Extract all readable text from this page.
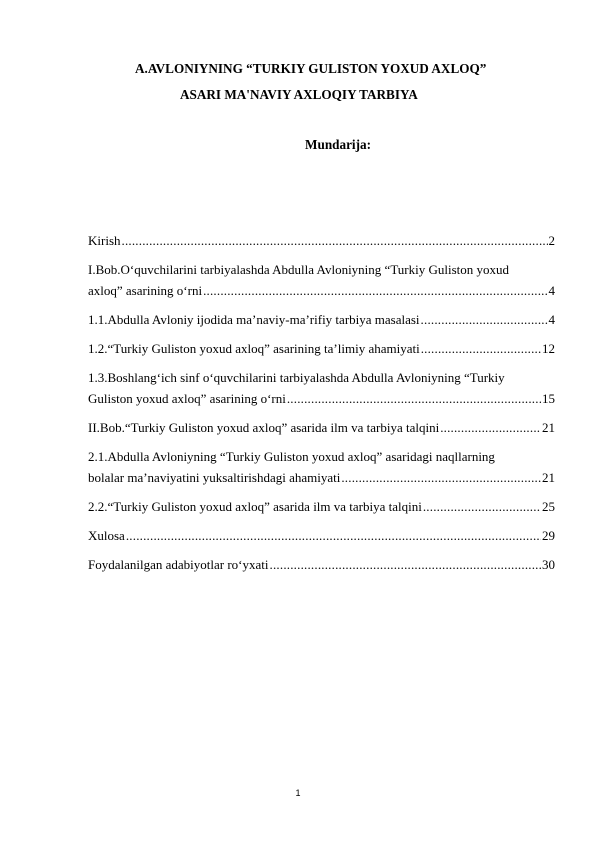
A.AVLONIYNING “TURKIY GULISTON YOXUD AXLOQ”
ASARI MA'NAVIY AXLOQIY TARBIYA
Mundarija:
Kirish .....	2
I.Bob.O‘quvchilarini tarbiyalashda Abdulla Avloniyning “Turkiy Guliston yoxud
axloq” asarining o‘rni .....	4
1.1.Abdulla Avloniy ijodida ma’naviy-ma’rifiy tarbiya masalasi .....	4
1.2.“Turkiy Guliston yoxud axloq” asarining ta’limiy ahamiyati .....	12
1.3.Boshlang‘ich sinf o‘quvchilarini tarbiyalashda Abdulla Avloniyning “Turkiy
Guliston yoxud axloq” asarining o‘rni .....	15
II.Bob.“Turkiy Guliston yoxud axloq” asarida ilm va tarbiya talqini .....	21
2.1.Abdulla Avloniyning “Turkiy Guliston yoxud axloq” asaridagi naqllarning
bolalar ma’naviyatini yuksaltirishdagi ahamiyati .....	21
2.2.“Turkiy Guliston yoxud axloq” asarida ilm va tarbiya talqini .....	25
Xulosa .....	29
Foydalanilgan adabiyotlar ro‘yxati .....	30
1
